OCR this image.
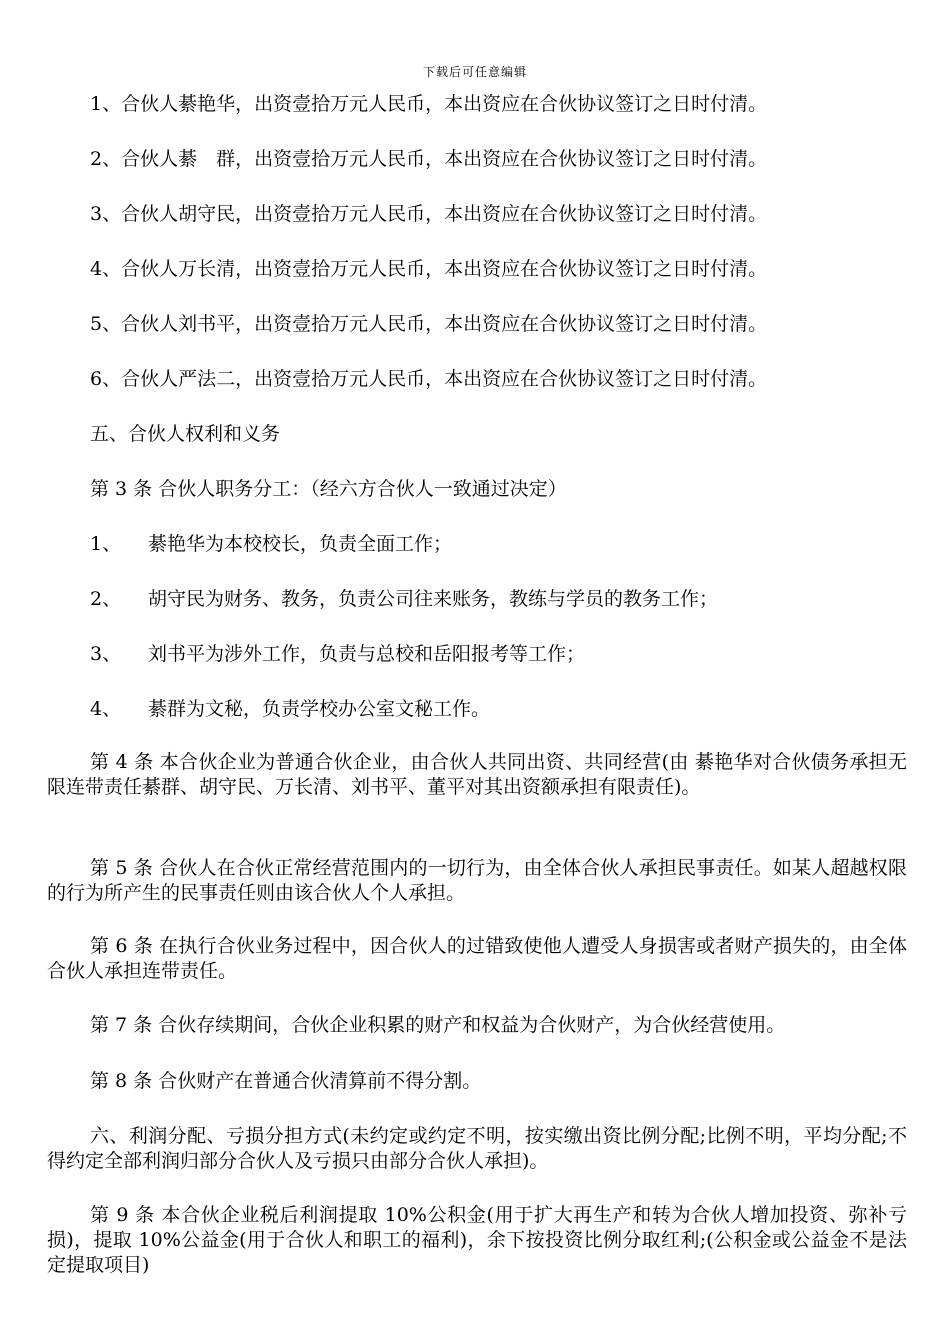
下载后可任意编辑
1、合伙人綦艳华，出资壹拾万元人民币，本出资应在合伙协议签订之日时付清。
2、合伙人綦　群，出资壹拾万元人民币，本出资应在合伙协议签订之日时付清。
3、合伙人胡守民，出资壹拾万元人民币，本出资应在合伙协议签订之日时付清。
4、合伙人万长清，出资壹拾万元人民币，本出资应在合伙协议签订之日时付清。
5、合伙人刘书平，出资壹拾万元人民币，本出资应在合伙协议签订之日时付清。
6、合伙人严法二，出资壹拾万元人民币，本出资应在合伙协议签订之日时付清。
五、合伙人权利和义务
第 3 条 合伙人职务分工：（经六方合伙人一致通过决定）
1、 綦艳华为本校校长，负责全面工作；
2、 胡守民为财务、教务，负责公司往来账务，教练与学员的教务工作；
3、 刘书平为涉外工作，负责与总校和岳阳报考等工作；
4、 綦群为文秘，负责学校办公室文秘工作。
第 4 条 本合伙企业为普通合伙企业，由合伙人共同出资、共同经营(由 綦艳华对合伙债务承担无限连带责任綦群、胡守民、万长清、刘书平、董平对其出资额承担有限责任)。
第 5 条 合伙人在合伙正常经营范围内的一切行为，由全体合伙人承担民事责任。如某人超越权限的行为所产生的民事责任则由该合伙人个人承担。
第 6 条 在执行合伙业务过程中，因合伙人的过错致使他人遭受人身损害或者财产损失的，由全体合伙人承担连带责任。
第 7 条 合伙存续期间，合伙企业积累的财产和权益为合伙财产，为合伙经营使用。
第 8 条 合伙财产在普通合伙清算前不得分割。
六、利润分配、亏损分担方式(未约定或约定不明，按实缴出资比例分配;比例不明，平均分配;不得约定全部利润归部分合伙人及亏损只由部分合伙人承担)。
第 9 条 本合伙企业税后利润提取 10%公积金(用于扩大再生产和转为合伙人增加投资、弥补亏损)，提取 10%公益金(用于合伙人和职工的福利)，余下按投资比例分取红利;(公积金或公益金不是法定提取项目)
